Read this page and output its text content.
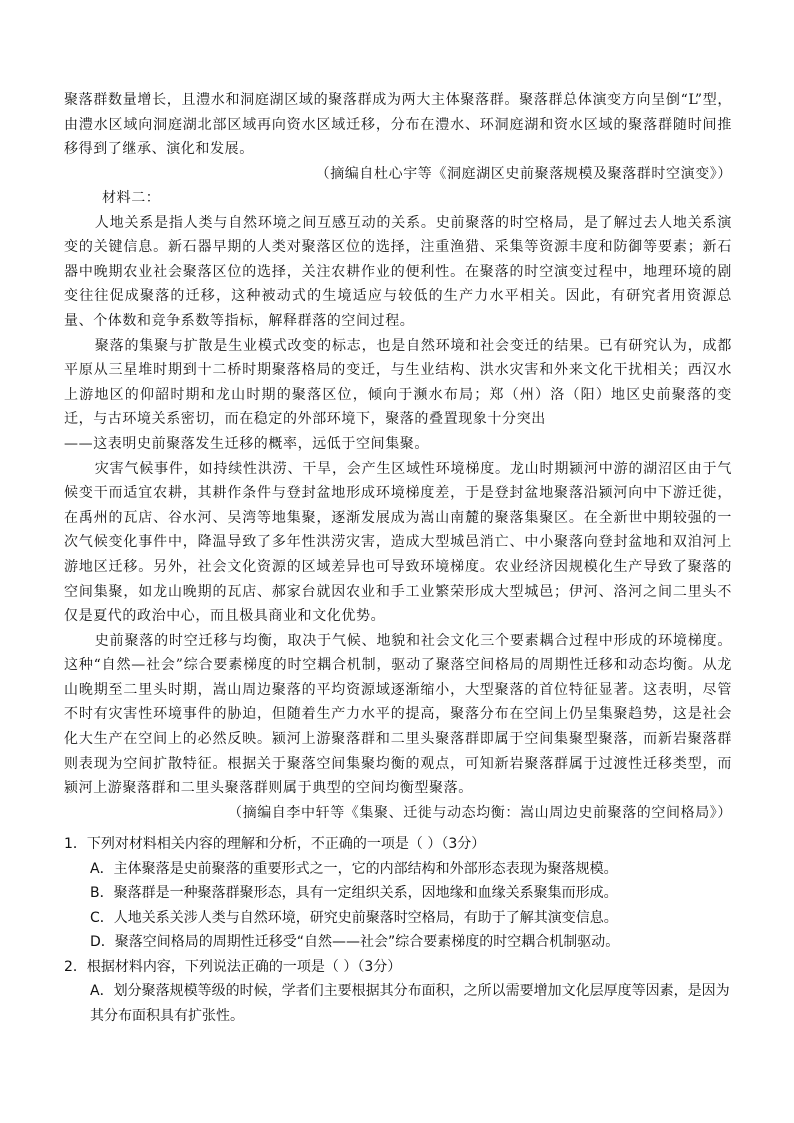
聚落群数量增长，且澧水和洞庭湖区域的聚落群成为两大主体聚落群。聚落群总体演变方向呈倒“L”型，由澧水区域向洞庭湖北部区域再向资水区域迁移，分布在澧水、环洞庭湖和资水区域的聚落群随时间推移得到了继承、演化和发展。

（摘编自杜心宇等《洞庭湖区史前聚落规模及聚落群时空演变》）

材料二：

人地关系是指人类与自然环境之间互感互动的关系。史前聚落的时空格局，是了解过去人地关系演变的关键信息。新石器早期的人类对聚落区位的选择，注重渔猎、采集等资源丰度和防御等要素；新石器中晚期农业社会聚落区位的选择，关注农耕作业的便利性。在聚落的时空演变过程中，地理环境的剧变往往促成聚落的迁移，这种被动式的生境适应与较低的生产力水平相关。因此，有研究者用资源总量、个体数和竞争系数等指标，解释群落的空间过程。

聚落的集聚与扩散是生业模式改变的标志，也是自然环境和社会变迁的结果。已有研究认为，成都平原从三星堆时期到十二桥时期聚落格局的变迁，与生业结构、洪水灾害和外来文化干扰相关；西汉水上游地区的仰韶时期和龙山时期的聚落区位，倾向于濒水布局；郑（州）洛（阳）地区史前聚落的变迁，与古环境关系密切，而在稳定的外部环境下，聚落的叠置现象十分突出

——这表明史前聚落发生迁移的概率，远低于空间集聚。

灾害气候事件，如持续性洪涝、干旱，会产生区域性环境梯度。龙山时期颍河中游的湖沼区由于气候变干而适宜农耕，其耕作条件与登封盆地形成环境梯度差，于是登封盆地聚落沿颍河向中下游迁徙，在禹州的瓦店、谷水河、吴湾等地集聚，逐渐发展成为嵩山南麓的聚落集聚区。在全新世中期较强的一次气候变化事件中，降温导致了多年性洪涝灾害，造成大型城邑消亡、中小聚落向登封盆地和双洎河上游地区迁移。另外，社会文化资源的区域差异也可导致环境梯度。农业经济因规模化生产导致了聚落的空间集聚，如龙山晚期的瓦店、郝家台就因农业和手工业繁荣形成大型城邑；伊河、洛河之间二里头不仅是夏代的政治中心，而且极具商业和文化优势。

史前聚落的时空迁移与均衡，取决于气候、地貌和社会文化三个要素耦合过程中形成的环境梯度。这种“自然—社会”综合要素梯度的时空耦合机制，驱动了聚落空间格局的周期性迁移和动态均衡。从龙山晚期至二里头时期，嵩山周边聚落的平均资源域逐渐缩小，大型聚落的首位特征显著。这表明，尽管不时有灾害性环境事件的胁迫，但随着生产力水平的提高，聚落分布在空间上仍呈集聚趋势，这是社会化大生产在空间上的必然反映。颍河上游聚落群和二里头聚落群即属于空间集聚型聚落，而新岩聚落群则表现为空间扩散特征。根据关于聚落空间集聚均衡的观点，可知新岩聚落群属于过渡性迁移类型，而颍河上游聚落群和二里头聚落群则属于典型的空间均衡型聚落。

（摘编自李中轩等《集聚、迁徙与动态均衡：嵩山周边史前聚落的空间格局》）

1．下列对材料相关内容的理解和分析，不正确的一项是（ ）（3分）

A．主体聚落是史前聚落的重要形式之一，它的内部结构和外部形态表现为聚落规模。

B．聚落群是一种聚落群聚形态，具有一定组织关系，因地缘和血缘关系聚集而形成。

C．人地关系关涉人类与自然环境，研究史前聚落时空格局，有助于了解其演变信息。

D．聚落空间格局的周期性迁移受“自然——社会”综合要素梯度的时空耦合机制驱动。

2．根据材料内容，下列说法正确的一项是（ ）（3分）

A．划分聚落规模等级的时候，学者们主要根据其分布面积，之所以需要增加文化层厚度等因素，是因为其分布面积具有扩张性。
